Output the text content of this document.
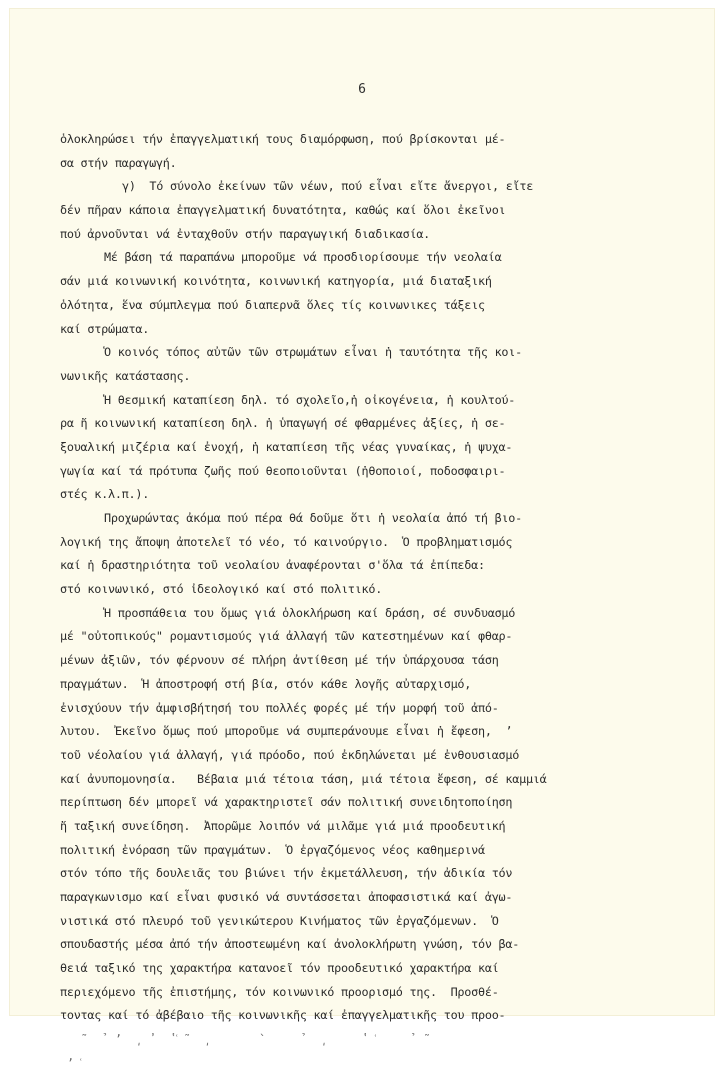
6
ὁλοκληρώσει τήν ἐπαγγελματική τους διαμόρφωση, πού βρίσκονται μέ-
σα στήν παραγωγή.
γ)  Τό σύνολο ἐκείνων τῶν νέων, πού εἶναι εἴτε ἄνεργοι, εἴτε
δέν πῆραν κάποια ἐπαγγελματική δυνατότητα, καθώς καί ὅλοι ἐκεῖνοι
πού ἀρνοῦνται νά ἐνταχθοῦν στήν παραγωγική διαδικασία.
Μέ βάση τά παραπάνω μποροῦμε νά προσδιορίσουμε τήν νεολαία
σάν μιά κοινωνική κοινότητα, κοινωνική κατηγορία, μιά διαταξική
ὁλότητα, ἕνα σύμπλεγμα πού διαπερνᾶ ὅλες τίς κοινωνικες τάξεις
καί στρώματα.
Ὁ κοινός τόπος αὐτῶν τῶν στρωμάτων εἶναι ἡ ταυτότητα τῆς κοι-
νωνικῆς κατάστασης.
Ἡ θεσμική καταπίεση δηλ. τό σχολεῖο,ἡ οἰκογένεια, ἡ κουλτού-
ρα ἤ κοινωνική καταπίεση δηλ. ἡ ὑπαγωγή σέ φθαρμένες ἀξίες, ἡ σε-
ξουαλική μιζέρια καί ἐνοχή, ἡ καταπίεση τῆς νέας γυναίκας, ἡ ψυχα-
γωγία καί τά πρότυπα ζωῆς πού θεοποιοῦνται (ἠθοποιοί, ποδοσφαιρι-
στές κ.λ.π.).
Προχωρώντας ἀκόμα πού πέρα θά δοῦμε ὅτι ἡ νεολαία ἀπό τή βιο-
λογική της ἄποψη ἀποτελεῖ τό νέο, τό καινούργιο.  Ὁ προβληματισμός
καί ἡ δραστηριότητα τοῦ νεολαίου ἀναφέρονται σ'ὅλα τά ἐπίπεδα:
στό κοινωνικό, στό ἰδεολογικό καί στό πολιτικό.
Ἡ προσπάθεια του ὅμως γιά ὁλοκλήρωση καί δράση, σέ συνδυασμό
μέ "οὐτοπικούς" ρομαντισμούς γιά ἀλλαγή τῶν κατεστημένων καί φθαρ-
μένων ἀξιῶν, τόν φέρνουν σέ πλήρη ἀντίθεση μέ τήν ὑπάρχουσα τάση
πραγμάτων.  Ἡ ἀποστροφή στή βία, στόν κάθε λογῆς αὐταρχισμό,
ἐνισχύουν τήν ἀμφισβήτησή του πολλές φορές μέ τήν μορφή τοῦ ἀπό-
λυτου.  Ἐκεῖνο ὅμως πού μποροῦμε νά συμπεράνουμε εἶναι ἡ ἔφεση,  ʼ
τοῦ νέολαίου γιά ἀλλαγή, γιά πρόοδο, πού ἐκδηλώνεται μέ ἐνθουσιασμό
καί ἀνυπομονησία.   Βέβαια μιά τέτοια τάση, μιά τέτοια ἔφεση, σέ καμμιά
περίπτωση δέν μπορεῖ νά χαρακτηριστεῖ σάν πολιτική συνειδητοποίηση
ἤ ταξική συνείδηση.  Ἀπορῶμε λοιπόν νά μιλᾶμε γιά μιά προοδευτική
πολιτική ἐνόραση τῶν πραγμάτων.  Ὁ ἐργαζόμενος νέος καθημερινά
στόν τόπο τῆς δουλειᾶς του βιώνει τήν ἐκμετάλλευση, τήν ἀδικία τόν
παραγκωνισμο καί εἶναι φυσικό νά συντάσσεται ἀποφασιστικά καί ἀγω-
νιστικά στό πλευρό τοῦ γενικώτερου Κινήματος τῶν ἐργαζόμενων.  Ὁ
σπουδαστής μέσα ἀπό τήν ἀποστεωμένη καί ἀνολοκλήρωτη γνώση, τόν βα-
θειά ταξικό της χαρακτήρα κατανοεῖ τόν προοδευτικό χαρακτήρα καί
περιεχόμενο τῆς ἐπιστήμης, τόν κοινωνικό προορισμό της.  Προσθέ-
τοντας καί τό ἀβέβαιο τῆς κοινωνικῆς καί ἐπαγγελματικῆς του προο-
̃   ̉  ʼ  ͵ ̓   ̔ ͑ ̃   ͵       ̀      ̉   ͵     ̔  ͑     ̉  ̃
ʼ ͑
